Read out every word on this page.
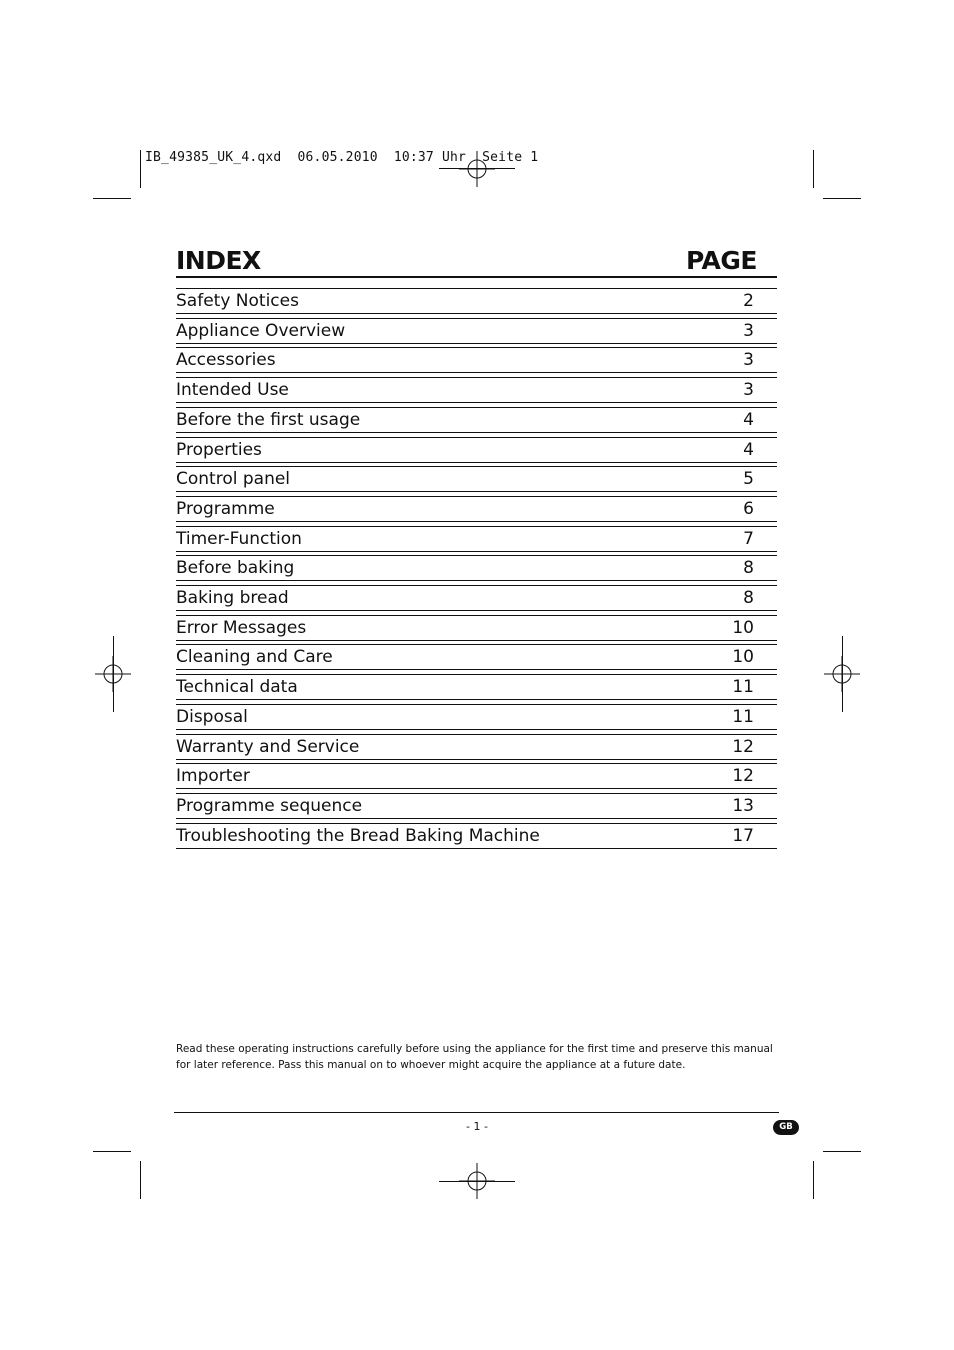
IB_49385_UK_4.qxd  06.05.2010  10:37 Uhr  Seite 1
INDEX	PAGE
Safety Notices	2
Appliance Overview	3
Accessories	3
Intended Use	3
Before the first usage	4
Properties	4
Control panel	5
Programme	6
Timer-Function	7
Before baking	8
Baking bread	8
Error Messages	10
Cleaning and Care	10
Technical data	11
Disposal	11
Warranty and Service	12
Importer	12
Programme sequence	13
Troubleshooting the Bread Baking Machine	17
Read these operating instructions carefully before using the appliance for the first time and preserve this manual for later reference. Pass this manual on to whoever might acquire the appliance at a future date.
- 1 -	GB
